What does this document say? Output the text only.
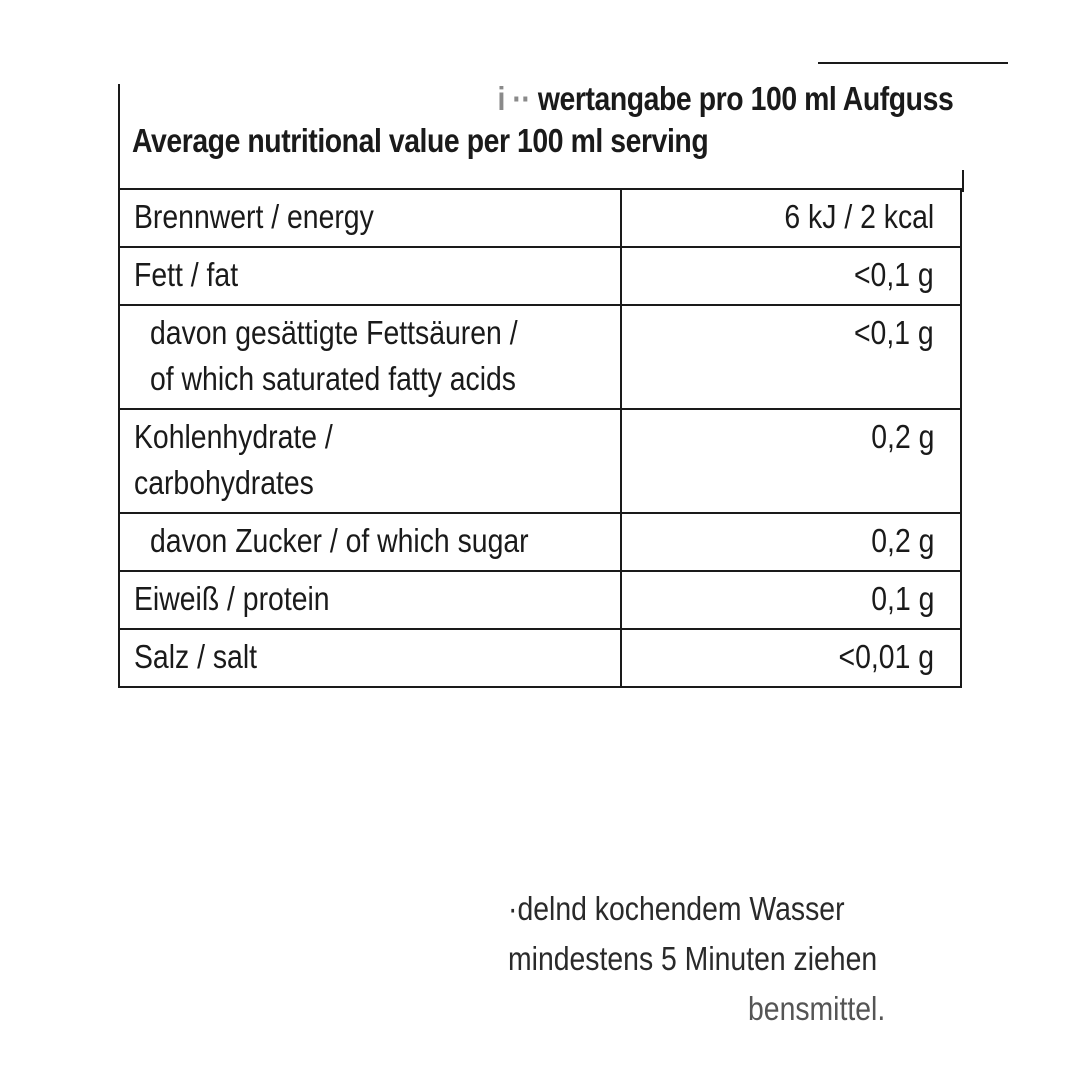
i ·· wertangabe pro 100 ml Aufguss
Average nutritional value per 100 ml serving
Brennwert / energy	6 kJ / 2 kcal
Fett / fat	<0,1 g
davon gesättigte Fettsäuren /
of which saturated fatty acids	<0,1 g
Kohlenhydrate /
carbohydrates	0,2 g
davon Zucker / of which sugar	0,2 g
Eiweiß / protein	0,1 g
Salz / salt	<0,01 g
·delnd kochendem Wasser
mindestens 5 Minuten ziehen
bensmittel.
